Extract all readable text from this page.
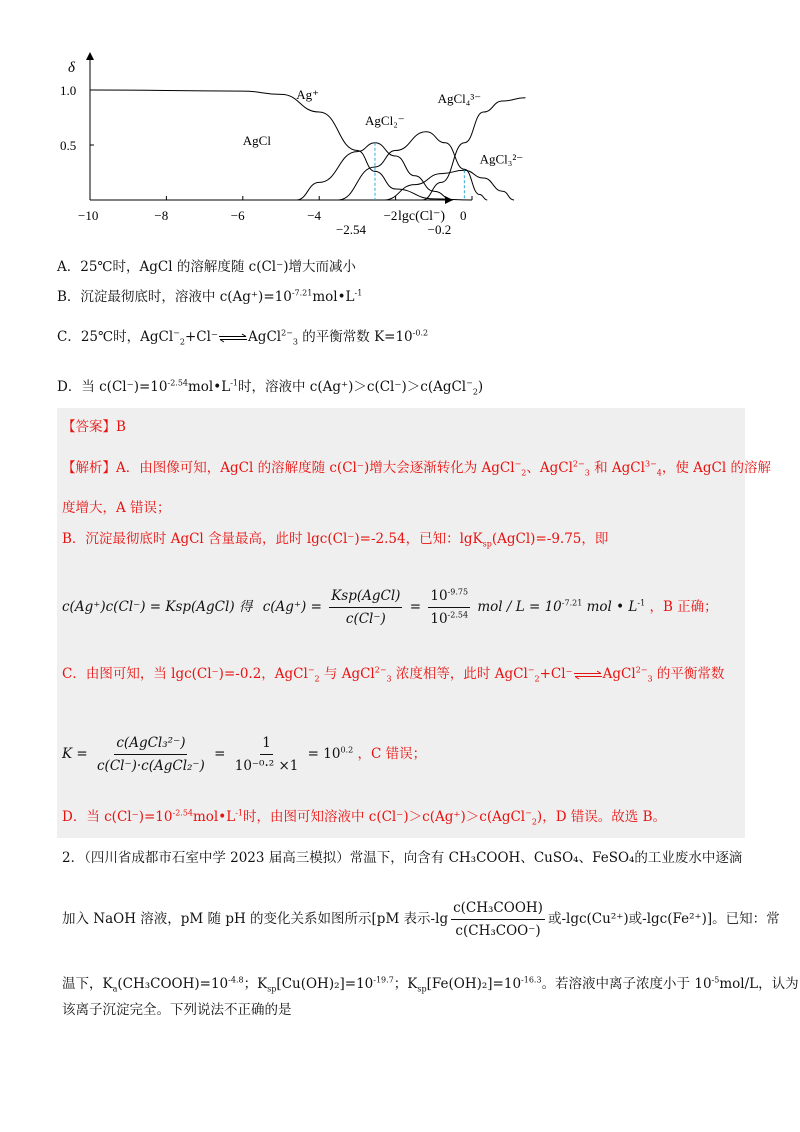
δ
lgc(Cl⁻)
−10	−8	−6	−4	−2	0
1.0
0.5
Ag⁺
AgCl
AgCl₂⁻
AgCl₃²⁻
AgCl₄³⁻
−2.54	−0.2
A．25℃时，AgCl 的溶解度随 c(Cl⁻)增大而减小
B．沉淀最彻底时，溶液中 $c(Ag^+)=10^{-7.21}mol•L^{-1}$
C．25℃时，AgCl−$_2$+Cl⁻⇌AgCl$^{2-}_3$ 的平衡常数 $K=10^{-0.2}$
D．当 $c(Cl^-)=10^{-2.54}mol•L^{-1}$时，溶液中 c(Ag⁺)＞c(Cl⁻)＞c(AgCl−$_2$)
【答案】B
【解析】A．由图像可知，AgCl 的溶解度随 c(Cl⁻)增大会逐渐转化为 AgCl−$_2$、AgCl$^{2-}_3$ 和 AgCl$^{3-}_4$，使 AgCl 的溶解
度增大，A 错误；
B．沉淀最彻底时 AgCl 含量最高，此时 lgc(Cl⁻)=-2.54，已知：lgK$_{sp}$(AgCl)=-9.75，即
c(Ag⁺)c(Cl⁻) = Ksp(AgCl) 得 $c(Ag^+) = \frac{\text{Ksp(AgCl)}}{c(Cl^-)} = \frac{10^{-9.75}}{10^{-2.54}}$ mol / $L = 10^{-7.21}$ mol • $L^{-1}$ ，B 正确；
C．由图可知，当 lgc(Cl⁻)=-0.2，AgCl−$_2$ 与 AgCl$^{2-}_3$ 浓度相等，此时 AgCl−$_2$+Cl⁻⇌AgCl$^{2-}_3$ 的平衡常数
$K = \frac{\text{c(AgCl₃²⁻)}}{\text{c(Cl⁻)·c(AgCl₂⁻)}} = \frac{1}{\text{10⁻⁰·² ×1}} = 10^{0.2}$ ，C 错误；
D．当 $c(Cl^-)=10^{-2.54}mol•L^{-1}$时，由图可知溶液中 c(Cl⁻)＞c(Ag⁺)＞c(AgCl−$_2$)，D 错误。故选 B。
2．（四川省成都市石室中学 2023 届高三模拟）常温下，向含有 CH₃COOH、CuSO₄、FeSO₄的工业废水中逐滴
加入 NaOH 溶液，pM 随 pH 的变化关系如图所示[pM 表示$-\lg \frac{\text{c(CH₃COOH)}}{\text{c(CH₃COO⁻)}}$ 或-lgc(Cu²⁺)或-lgc(Fe²⁺)]。已知：常
温下，$K_a(CH_3COOH)=10^{-4.8}$；$K_{sp}[Cu(OH)_2]=10^{-19.7}$；$K_{sp}[Fe(OH)_2]=10^{-16.3}$。若溶液中离子浓度小于 $10^{-5}mol/L$，认为
该离子沉淀完全。下列说法不正确的是
